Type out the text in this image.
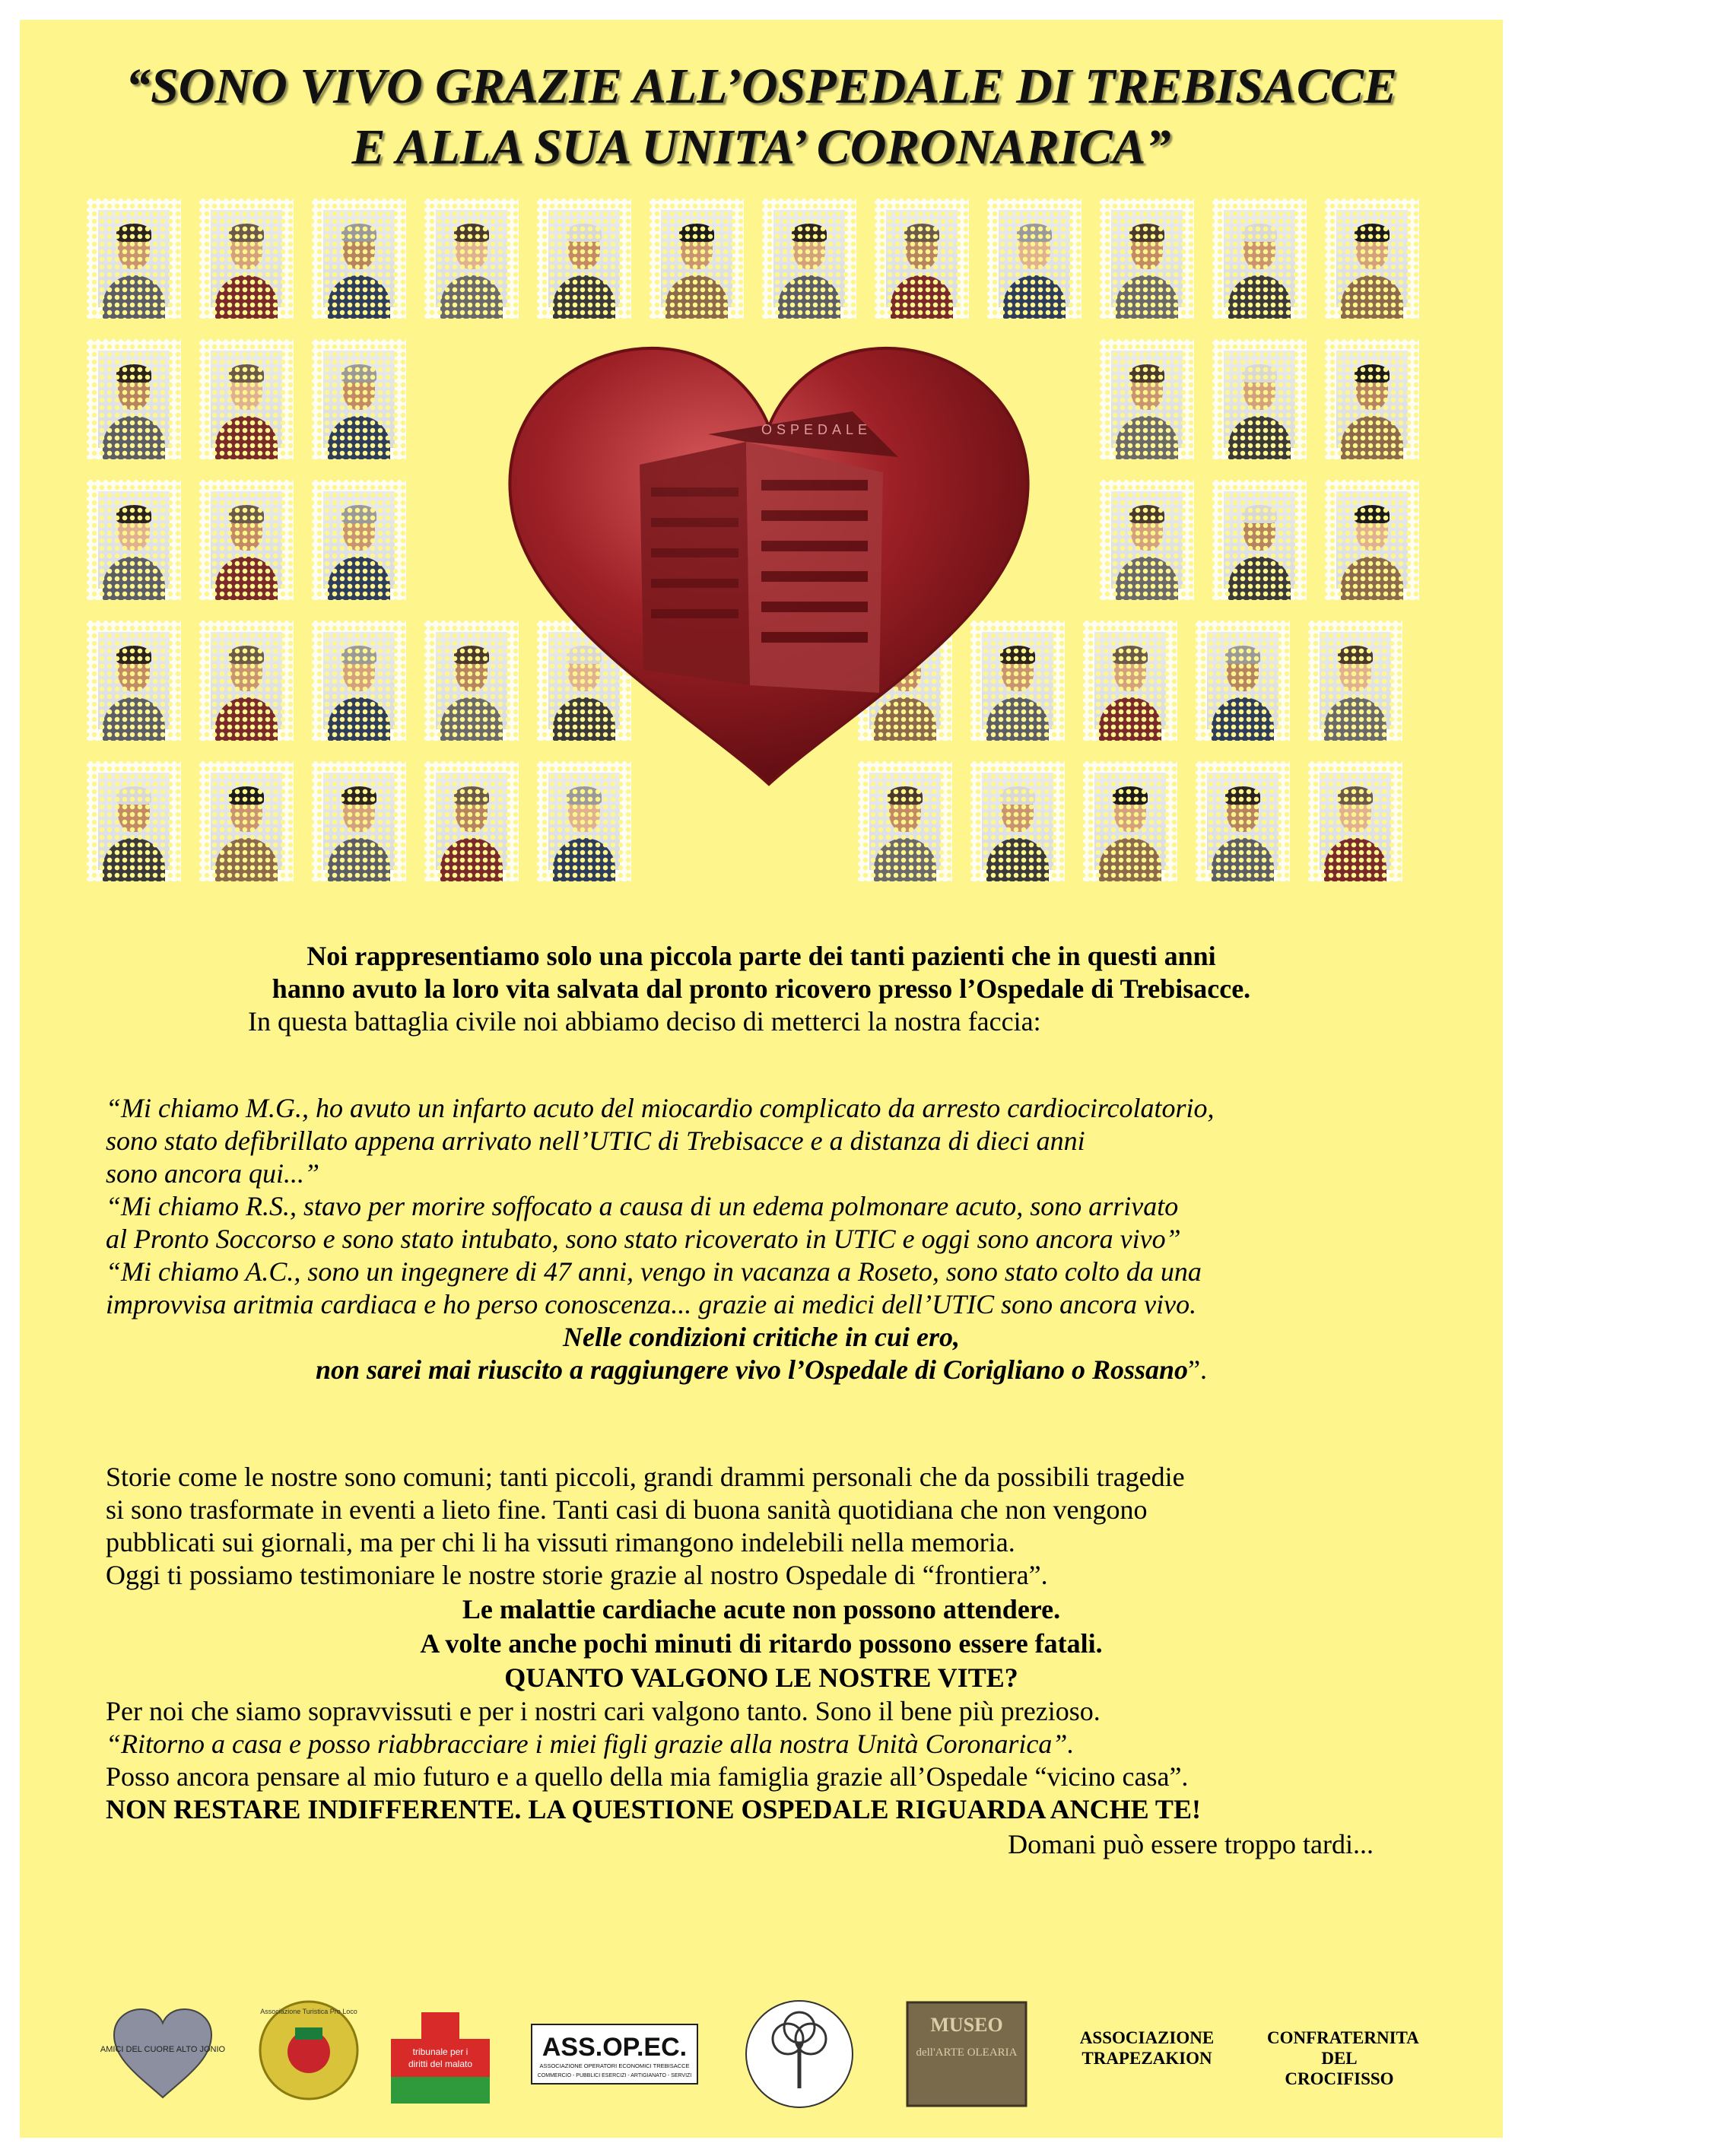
“SONO VIVO GRAZIE ALL’OSPEDALE DI TREBISACCE
E ALLA SUA UNITA’ CORONARICA”
OSPEDALE
Noi rappresentiamo solo una piccola parte dei tanti pazienti che in questi anni
hanno avuto la loro vita salvata dal pronto ricovero presso l’Ospedale di Trebisacce.
In questa battaglia civile noi abbiamo deciso di metterci la nostra faccia:
“Mi chiamo M.G., ho avuto un infarto acuto del miocardio complicato da arresto cardiocircolatorio,
sono stato defibrillato appena arrivato nell’UTIC di Trebisacce e a distanza di dieci anni
sono ancora qui...”
“Mi chiamo R.S., stavo per morire soffocato a causa di un edema polmonare acuto, sono arrivato
al Pronto Soccorso e sono stato intubato, sono stato ricoverato in UTIC e oggi sono ancora vivo”
“Mi chiamo A.C., sono un ingegnere di 47 anni, vengo in vacanza a Roseto, sono stato colto da una
improvvisa aritmia cardiaca e ho perso conoscenza... grazie ai medici dell’UTIC sono ancora vivo.
Nelle condizioni critiche in cui ero,
non sarei mai riuscito a raggiungere vivo l’Ospedale di Corigliano o Rossano”.
Storie come le nostre sono comuni; tanti piccoli, grandi drammi personali che da possibili tragedie
si sono trasformate in eventi a lieto fine. Tanti casi di buona sanità quotidiana che non vengono
pubblicati sui giornali, ma per chi li ha vissuti rimangono indelebili nella memoria.
Oggi ti possiamo testimoniare le nostre storie grazie al nostro Ospedale di “frontiera”.
Le malattie cardiache acute non possono attendere.
A volte anche pochi minuti di ritardo possono essere fatali.
QUANTO VALGONO LE NOSTRE VITE?
Per noi che siamo sopravvissuti e per i nostri cari valgono tanto. Sono il bene più prezioso.
“Ritorno a casa e posso riabbracciare i miei figli grazie alla nostra Unità Coronarica”.
Posso ancora pensare al mio futuro e a quello della mia famiglia grazie all’Ospedale “vicino casa”.
NON RESTARE INDIFFERENTE. LA QUESTIONE OSPEDALE RIGUARDA ANCHE TE!
Domani può essere troppo tardi...
AMICI DEL CUORE ALTO JONIO
Associazione Turistica Pro Loco
tribunale per i
diritti del malato
ASS.OP.EC.
ASSOCIAZIONE OPERATORI ECONOMICI TREBISACCE
COMMERCIO - PUBBLICI ESERCIZI - ARTIGIANATO - SERVIZI
MUSEO
dell'ARTE OLEARIA
ASSOCIAZIONE
TRAPEZAKION
CONFRATERNITA
DEL
CROCIFISSO
